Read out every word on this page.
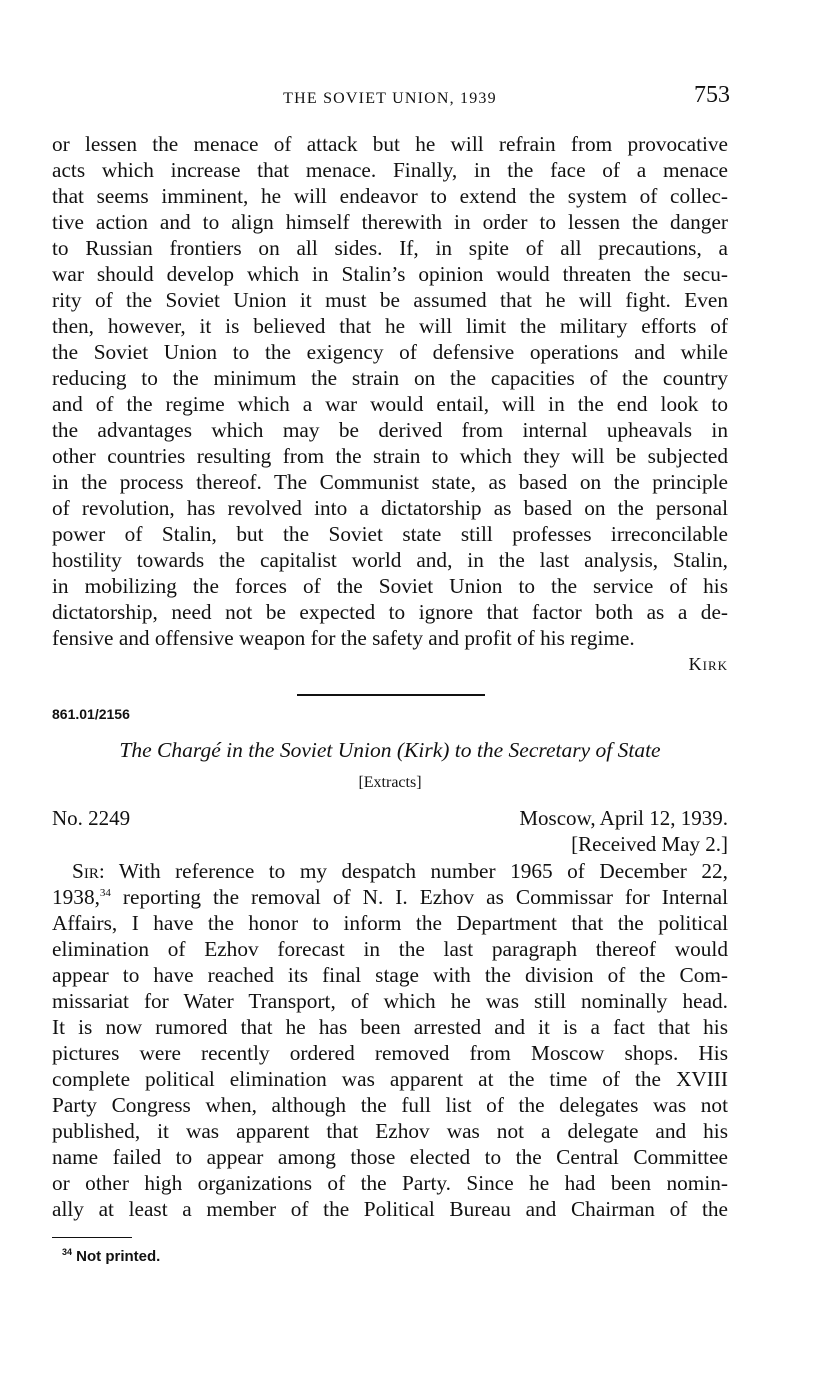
THE SOVIET UNION, 1939	753
or lessen the menace of attack but he will refrain from provocative
acts which increase that menace. Finally, in the face of a menace
that seems imminent, he will endeavor to extend the system of collec-
tive action and to align himself therewith in order to lessen the danger
to Russian frontiers on all sides. If, in spite of all precautions, a
war should develop which in Stalin’s opinion would threaten the secu-
rity of the Soviet Union it must be assumed that he will fight. Even
then, however, it is believed that he will limit the military efforts of
the Soviet Union to the exigency of defensive operations and while
reducing to the minimum the strain on the capacities of the country
and of the regime which a war would entail, will in the end look to
the advantages which may be derived from internal upheavals in
other countries resulting from the strain to which they will be subjected
in the process thereof. The Communist state, as based on the principle
of revolution, has revolved into a dictatorship as based on the personal
power of Stalin, but the Soviet state still professes irreconcilable
hostility towards the capitalist world and, in the last analysis, Stalin,
in mobilizing the forces of the Soviet Union to the service of his
dictatorship, need not be expected to ignore that factor both as a de-
fensive and offensive weapon for the safety and profit of his regime.
Kirk
861.01/2156
The Chargé in the Soviet Union (Kirk) to the Secretary of State
[Extracts]
No. 2249	Moscow, April 12, 1939.
[Received May 2.]
Sir: With reference to my despatch number 1965 of December 22,
1938,34 reporting the removal of N. I. Ezhov as Commissar for Internal
Affairs, I have the honor to inform the Department that the political
elimination of Ezhov forecast in the last paragraph thereof would
appear to have reached its final stage with the division of the Com-
missariat for Water Transport, of which he was still nominally head.
It is now rumored that he has been arrested and it is a fact that his
pictures were recently ordered removed from Moscow shops. His
complete political elimination was apparent at the time of the XVIII
Party Congress when, although the full list of the delegates was not
published, it was apparent that Ezhov was not a delegate and his
name failed to appear among those elected to the Central Committee
or other high organizations of the Party. Since he had been nomin-
ally at least a member of the Political Bureau and Chairman of the
$^{34}$ Not printed.
